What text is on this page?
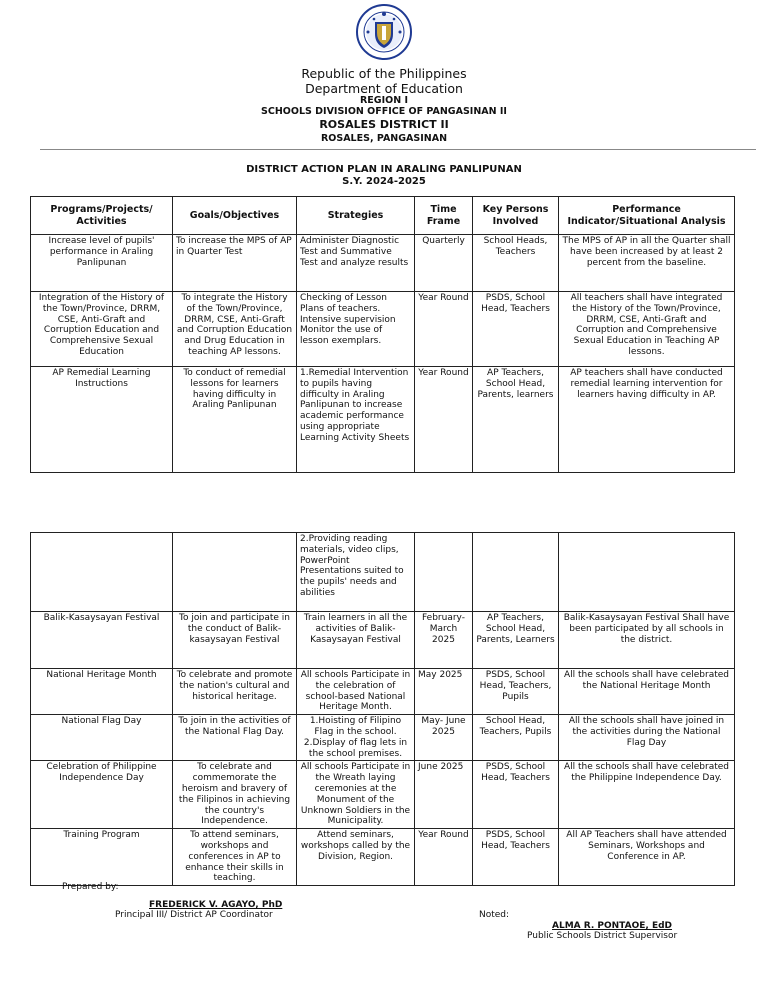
Republic of the Philippines
Department of Education
REGION I
SCHOOLS DIVISION OFFICE OF PANGASINAN II
ROSALES DISTRICT II
ROSALES, PANGASINAN
DISTRICT ACTION PLAN IN ARALING PANLIPUNAN
S.Y. 2024-2025
Programs/Projects/ Activities	Goals/Objectives	Strategies	Time Frame	Key Persons Involved	Performance Indicator/Situational Analysis
Increase level of pupils' performance in Araling Panlipunan	To increase the MPS of AP in Quarter Test	Administer Diagnostic Test and Summative Test and analyze results	Quarterly	School Heads, Teachers	The MPS of AP in all the Quarter shall have been increased by at least 2 percent from the baseline.
Integration of the History of the Town/Province, DRRM, CSE, Anti-Graft and Corruption Education and Comprehensive Sexual Education	To integrate the History of the Town/Province, DRRM, CSE, Anti-Graft and Corruption Education and Drug Education in teaching AP lessons.	Checking of Lesson Plans of teachers. Intensive supervision Monitor the use of lesson exemplars.	Year Round	PSDS, School Head, Teachers	All teachers shall have integrated the History of the Town/Province, DRRM, CSE, Anti-Graft and Corruption and Comprehensive Sexual Education in Teaching AP lessons.
AP Remedial Learning Instructions	To conduct of remedial lessons for learners having difficulty in Araling Panlipunan	1.Remedial Intervention to pupils having difficulty in Araling Panlipunan to increase academic performance using appropriate Learning Activity Sheets	Year Round	AP Teachers, School Head, Parents, learners	AP teachers shall have conducted remedial learning intervention for learners having difficulty in AP.
		2.Providing reading materials, video clips, PowerPoint Presentations suited to the pupils' needs and abilities			
Balik-Kasaysayan Festival	To join and participate in the conduct of Balik-kasaysayan Festival	Train learners in all the activities of Balik-Kasaysayan Festival	February-March 2025	AP Teachers, School Head, Parents, Learners	Balik-Kasaysayan Festival Shall have been participated by all schools in the district.
National Heritage Month	To celebrate and promote the nation's cultural and historical heritage.	All schools Participate in the celebration of school-based National Heritage Month.	May 2025	PSDS, School Head, Teachers, Pupils	All the schools shall have celebrated the National Heritage Month
National Flag Day	To join in the activities of the National Flag Day.	1.Hoisting of Filipino Flag in the school. 2.Display of flag lets in the school premises.	May- June 2025	School Head, Teachers, Pupils	All the schools shall have joined in the activities during the National Flag Day
Celebration of Philippine Independence Day	To celebrate and commemorate the heroism and bravery of the Filipinos in achieving the country's Independence.	All schools Participate in the Wreath laying ceremonies at the Monument of the Unknown Soldiers in the Municipality.	June 2025	PSDS, School Head, Teachers	All the schools shall have celebrated the Philippine Independence Day.
Training Program	To attend seminars, workshops and conferences in AP to enhance their skills in teaching.	Attend seminars, workshops called by the Division, Region.	Year Round	PSDS, School Head, Teachers	All AP Teachers shall have attended Seminars, Workshops and Conference in AP.
Prepared by:
FREDERICK V. AGAYO, PhD
Principal III/ District AP Coordinator	Noted:
ALMA R. PONTAOE, EdD
Public Schools District Supervisor
